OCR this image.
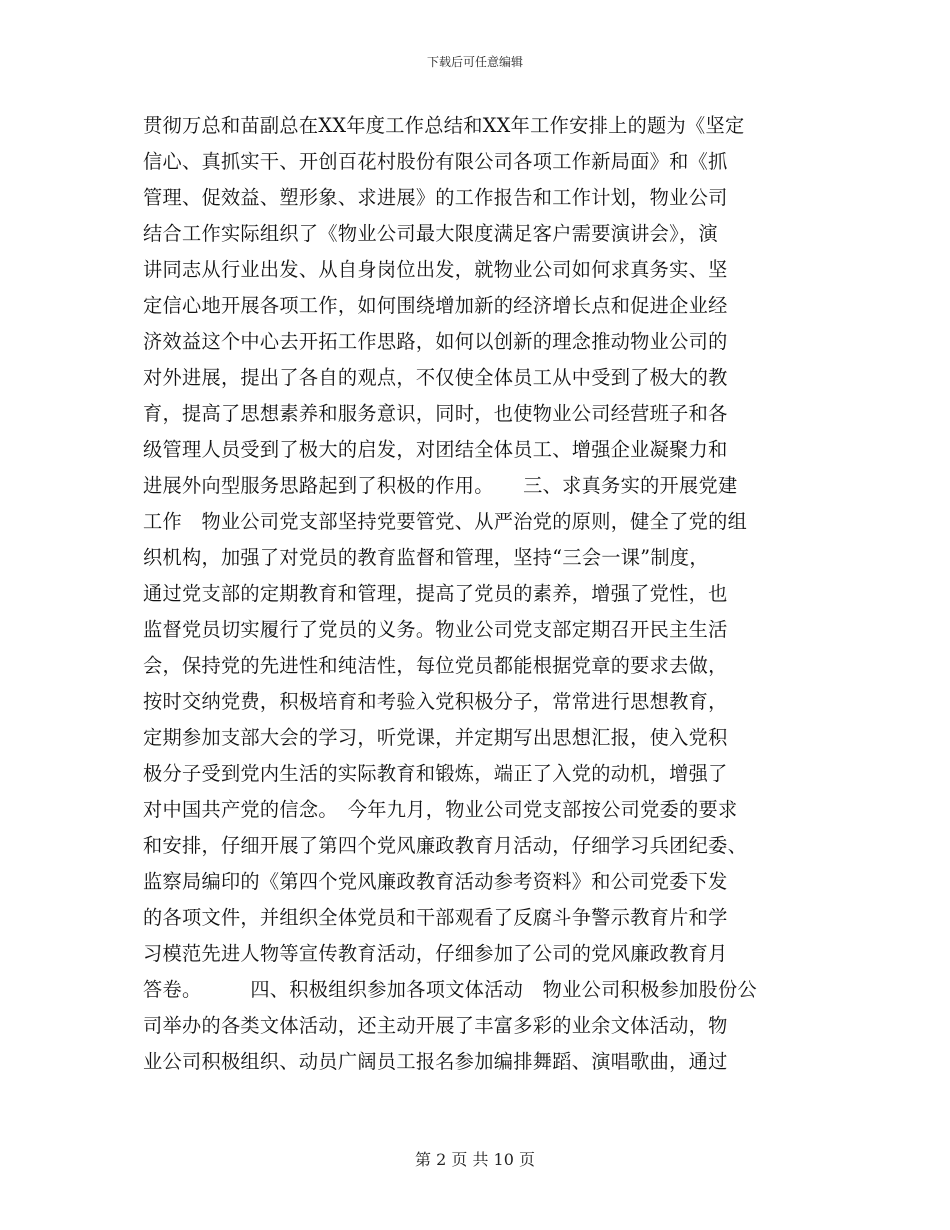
下载后可任意编辑
贯彻万总和苗副总在XX年度工作总结和XX年工作安排上的题为《坚定
信心、真抓实干、开创百花村股份有限公司各项工作新局面》和《抓
管理、促效益、塑形象、求进展》的工作报告和工作计划，物业公司
结合工作实际组织了《物业公司最大限度满足客户需要演讲会》，演
讲同志从行业出发、从自身岗位出发，就物业公司如何求真务实、坚
定信心地开展各项工作，如何围绕增加新的经济增长点和促进企业经
济效益这个中心去开拓工作思路，如何以创新的理念推动物业公司的
对外进展，提出了各自的观点，不仅使全体员工从中受到了极大的教
育，提高了思想素养和服务意识，同时，也使物业公司经营班子和各
级管理人员受到了极大的启发，对团结全体员工、增强企业凝聚力和
进展外向型服务思路起到了积极的作用。　　三、求真务实的开展党建
工作　物业公司党支部坚持党要管党、从严治党的原则，健全了党的组
织机构，加强了对党员的教育监督和管理，坚持“三会一课”制度，
通过党支部的定期教育和管理，提高了党员的素养，增强了党性，也
监督党员切实履行了党员的义务。物业公司党支部定期召开民主生活
会，保持党的先进性和纯洁性，每位党员都能根据党章的要求去做，
按时交纳党费，积极培育和考验入党积极分子，常常进行思想教育，
定期参加支部大会的学习，听党课，并定期写出思想汇报，使入党积
极分子受到党内生活的实际教育和锻炼，端正了入党的动机，增强了
对中国共产党的信念。　今年九月，物业公司党支部按公司党委的要求
和安排，仔细开展了第四个党风廉政教育月活动，仔细学习兵团纪委、
监察局编印的《第四个党风廉政教育活动参考资料》和公司党委下发
的各项文件，并组织全体党员和干部观看了反腐斗争警示教育片和学
习模范先进人物等宣传教育活动，仔细参加了公司的党风廉政教育月
答卷。　　　四、积极组织参加各项文体活动　物业公司积极参加股份公
司举办的各类文体活动，还主动开展了丰富多彩的业余文体活动，物
业公司积极组织、动员广阔员工报名参加编排舞蹈、演唱歌曲，通过
第 2 页 共 10 页
